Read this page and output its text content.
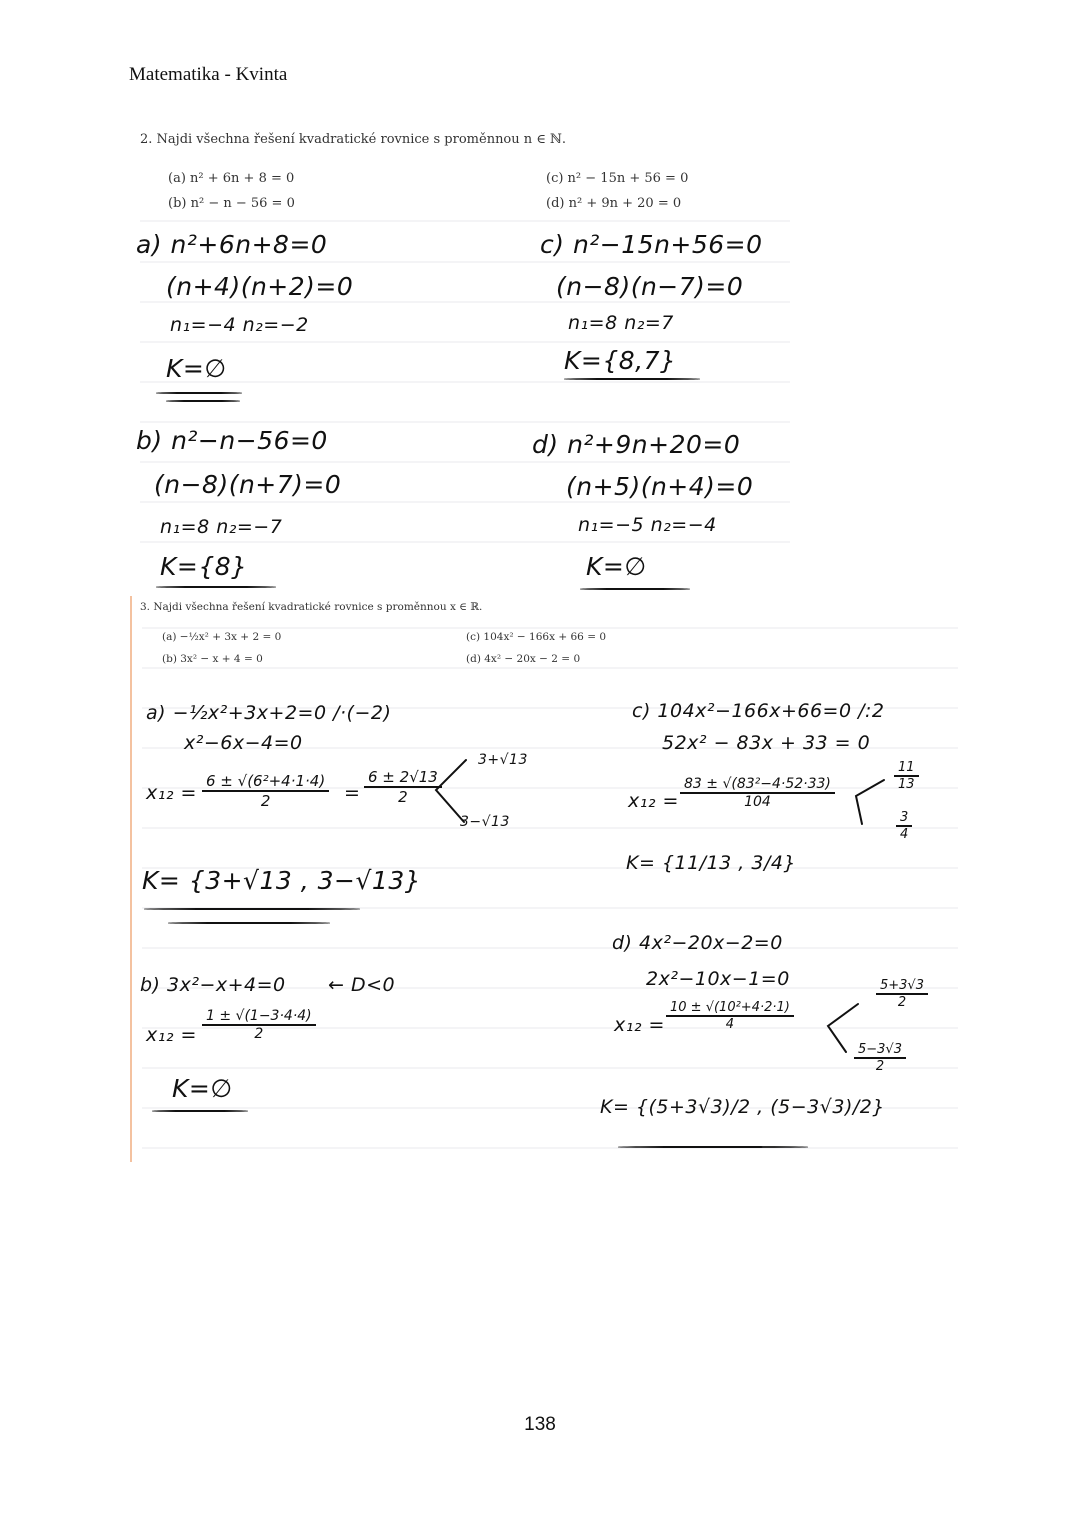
Matematika - Kvinta
2. Najdi všechna řešení kvadratické rovnice s proměnnou n ∈ ℕ.
(a) n² + 6n + 8 = 0
(b) n² − n − 56 = 0
(c) n² − 15n + 56 = 0
(d) n² + 9n + 20 = 0
a) n²+6n+8=0
(n+4)(n+2)=0
n₁=−4 n₂=−2
K=∅
c) n²−15n+56=0
(n−8)(n−7)=0
n₁=8 n₂=7
K={8,7}
b) n²−n−56=0
(n−8)(n+7)=0
n₁=8 n₂=−7
K={8}
d) n²+9n+20=0
(n+5)(n+4)=0
n₁=−5 n₂=−4
K=∅
3. Najdi všechna řešení kvadratické rovnice s proměnnou x ∈ ℝ.
(a) −½x² + 3x + 2 = 0
(b) 3x² − x + 4 = 0
(c) 104x² − 166x + 66 = 0
(d) 4x² − 20x − 2 = 0
a) −½x²+3x+2=0 /·(−2)
x²−6x−4=0
$x_{12} = \frac{\text{6 ± √(6²+4·1·4)}}{2} = \frac{6 \pm 2√13}{2}$
3+√13
3−√13
K= {3+√13 , 3−√13}
b) 3x²−x+4=0 ← D<0
$x_{12} = \frac{1 \pm √(1-3\cdot 4\cdot 4)}{2}$
K=∅
c) 104x²−166x+66=0 /:2
52x² − 83x + 33 = 0
$x_{12} = \frac{\text{83 ± √(83²−4·52·33)}}{104}$	$\frac{11}{13}$
$\frac{3}{4}$
K= {11/13 , 3/4}
d) 4x²−20x−2=0
2x²−10x−1=0
$x_{12} = \frac{\text{10 ± √(10²+4·2·1)}}{4}$
$\frac{5+3√3}{2}$
$\frac{5-3√3}{2}$
K= {(5+3√3)/2 , (5−3√3)/2}
138
